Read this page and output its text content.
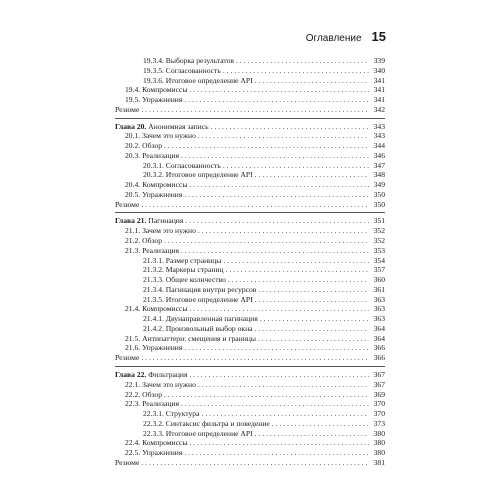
Оглавление 15
19.3.4. Выборка результатов . . .	339
19.3.5. Согласованность . . .	340
19.3.6. Итоговое определение API . . .	341
19.4. Компромиссы . . .	341
19.5. Упражнения . . .	341
Резюме . . .	342
Глава 20. Анонимная запись . . .	343
20.1. Зачем это нужно . . .	343
20.2. Обзор . . .	344
20.3. Реализация . . .	346
20.3.1. Согласованность . . .	347
20.3.2. Итоговое определение API . . .	348
20.4. Компромиссы . . .	349
20.5. Упражнения . . .	350
Резюме . . .	350
Глава 21. Пагинация . . .	351
21.1. Зачем это нужно . . .	352
21.2. Обзор . . .	352
21.3. Реализация . . .	353
21.3.1. Размер страницы . . .	354
21.3.2. Маркеры страниц . . .	357
21.3.3. Общее количество . . .	360
21.3.4. Пагинация внутри ресурсов . . .	361
21.3.5. Итоговое определение API . . .	363
21.4. Компромиссы . . .	363
21.4.1. Двунаправленная пагинация . . .	363
21.4.2. Произвольный выбор окна . . .	364
21.5. Антипаттерн: смещения и границы . . .	364
21.6. Упражнения . . .	366
Резюме . . .	366
Глава 22. Фильтрация . . .	367
22.1. Зачем это нужно . . .	367
22.2. Обзор . . .	369
22.3. Реализация . . .	370
22.3.1. Структура . . .	370
22.3.2. Синтаксис фильтра и поведение . . .	373
22.3.3. Итоговое определение API . . .	380
22.4. Компромиссы . . .	380
22.5. Упражнения . . .	380
Резюме . . .	381
